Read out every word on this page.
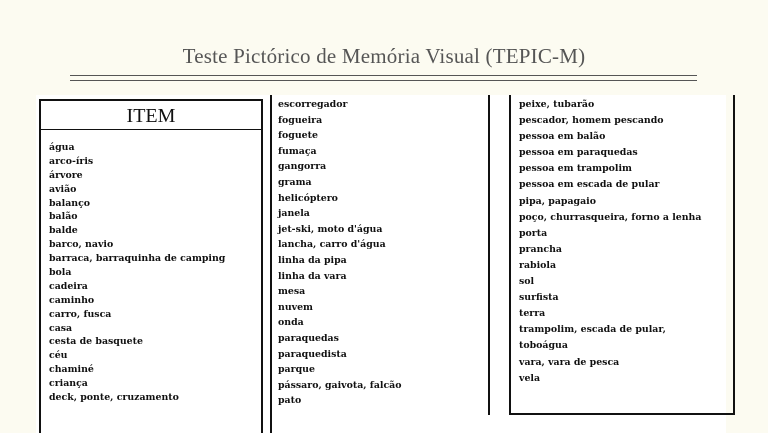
Teste Pictórico de Memória Visual (TEPIC-M)
ITEM
água
arco-íris
árvore
avião
balanço
balão
balde
barco, navio
barraca, barraquinha de camping
bola
cadeira
caminho
carro, fusca
casa
cesta de basquete
céu
chaminé
criança
deck, ponte, cruzamento
escorregador
fogueira
foguete
fumaça
gangorra
grama
helicóptero
janela
jet-ski, moto d'água
lancha, carro d'água
linha da pipa
linha da vara
mesa
nuvem
onda
paraquedas
paraquedista
parque
pássaro, gaivota, falcão
pato
peixe, tubarão
pescador, homem pescando
pessoa em balão
pessoa em paraquedas
pessoa em trampolim
pessoa em escada de pular
pipa, papagaio
poço, churrasqueira, forno a lenha
porta
prancha
rabiola
sol
surfista
terra
trampolim, escada de pular,
toboágua
vara, vara de pesca
vela
